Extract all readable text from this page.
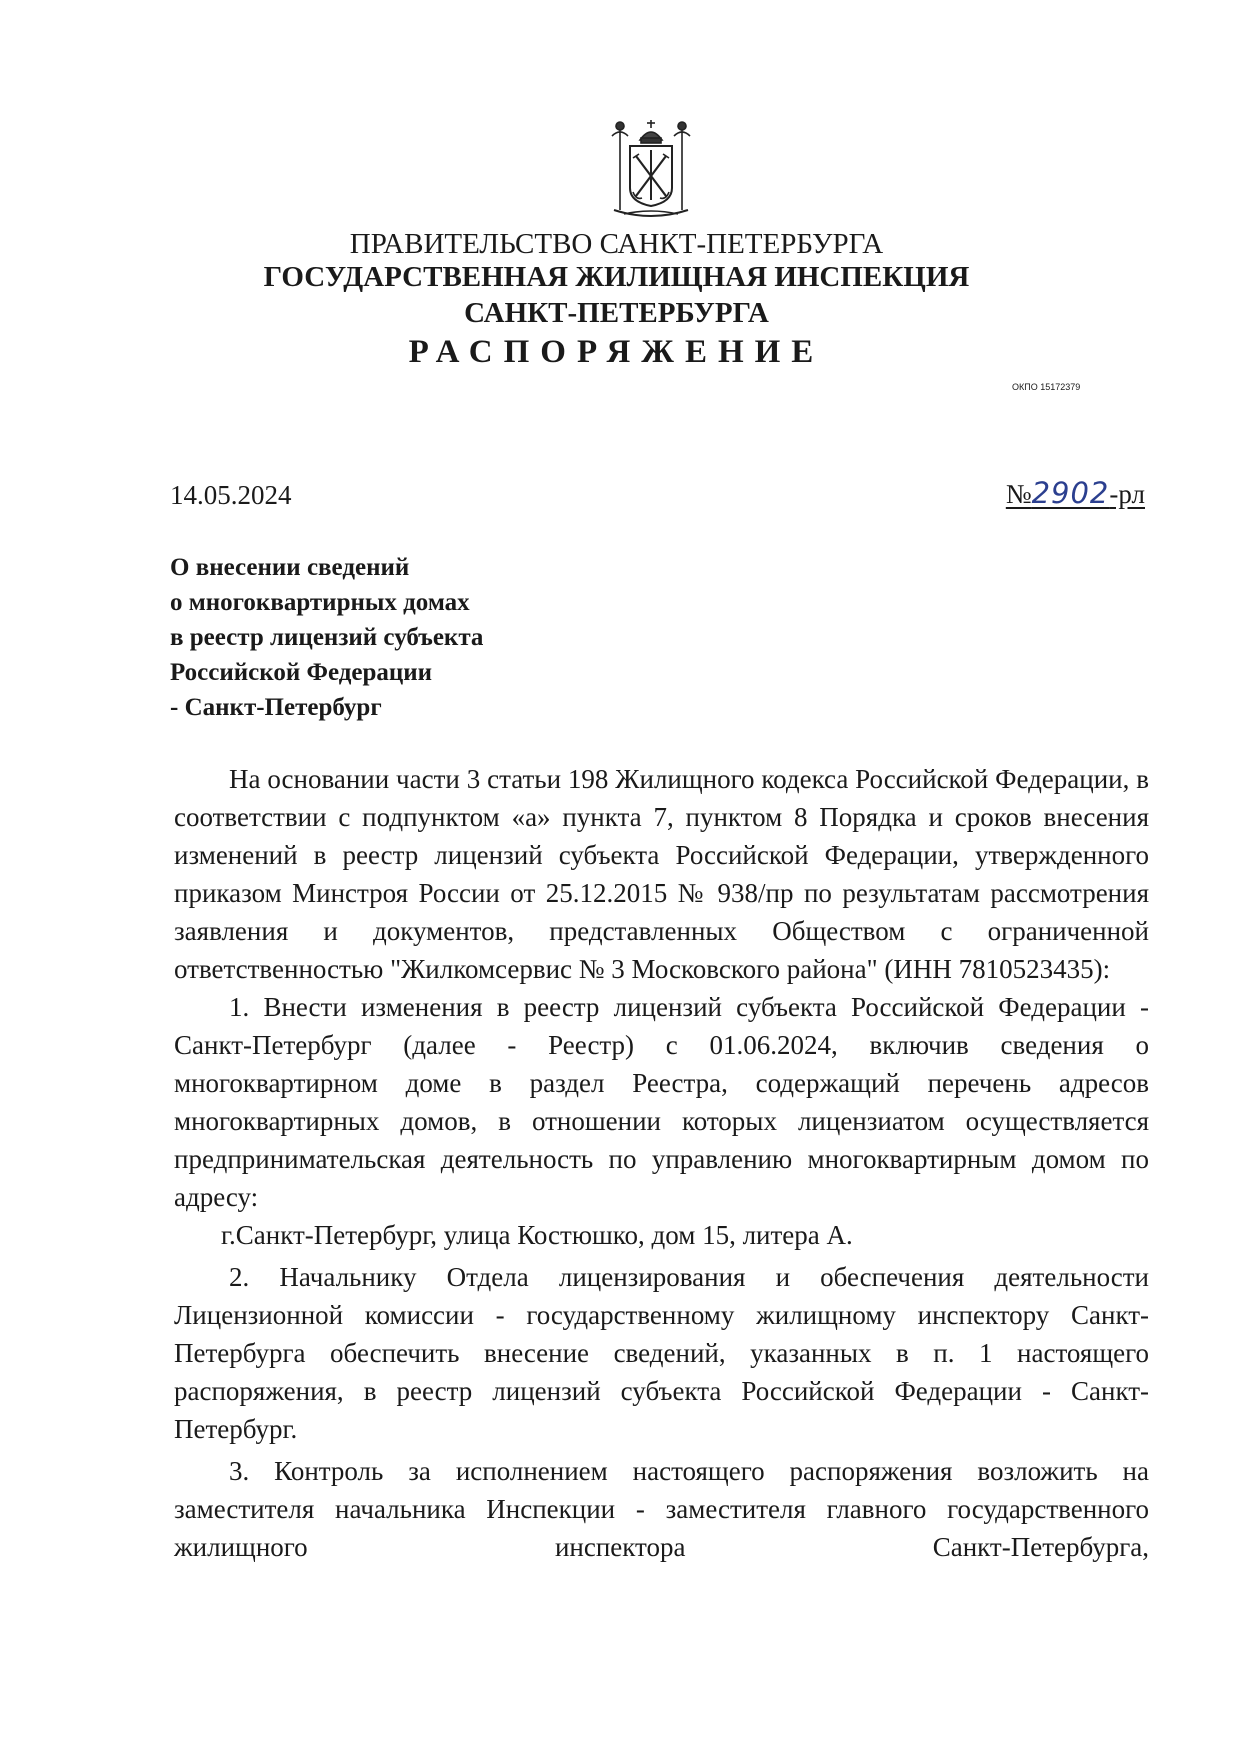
ПРАВИТЕЛЬСТВО САНКТ-ПЕТЕРБУРГА
ГОСУДАРСТВЕННАЯ ЖИЛИЩНАЯ ИНСПЕКЦИЯ
САНКТ-ПЕТЕРБУРГА
РАСПОРЯЖЕНИЕ
ОКПО 15172379
14.05.2024	№2902-рл
О внесении сведений
о многоквартирных домах
в реестр лицензий субъекта
Российской Федерации
- Санкт-Петербург

На основании части 3 статьи 198 Жилищного кодекса Российской Федерации, в соответствии с подпунктом «а» пункта 7, пунктом 8 Порядка и сроков внесения изменений в реестр лицензий субъекта Российской Федерации, утвержденного приказом Минстроя России от 25.12.2015 № 938/пр по результатам рассмотрения заявления и документов, представленных Обществом с ограниченной ответственностью "Жилкомсервис № 3 Московского района" (ИНН 7810523435):

1. Внести изменения в реестр лицензий субъекта Российской Федерации - Санкт-Петербург (далее - Реестр) с 01.06.2024, включив сведения о многоквартирном доме в раздел Реестра, содержащий перечень адресов многоквартирных домов, в отношении которых лицензиатом осуществляется предпринимательская деятельность по управлению многоквартирным домом по адресу:

г.Санкт-Петербург, улица Костюшко, дом 15, литера А.

2. Начальнику Отдела лицензирования и обеспечения деятельности Лицензионной комиссии - государственному жилищному инспектору Санкт-Петербурга обеспечить внесение сведений, указанных в п. 1 настоящего распоряжения, в реестр лицензий субъекта Российской Федерации - Санкт-Петербург.

3. Контроль за исполнением настоящего распоряжения возложить на заместителя начальника Инспекции - заместителя главного государственного жилищного инспектора Санкт-Петербурга,
